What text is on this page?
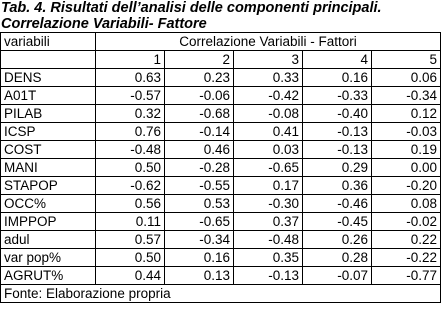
Tab. 4. Risultati dell’analisi delle componenti principali.
Correlazione Variabili- Fattore
variabili	Correlazione Variabili - Fattori				
	1	2	3	4	5
DENS	0.63	0.23	0.33	0.16	0.06
A01T	-0.57	-0.06	-0.42	-0.33	-0.34
PILAB	0.32	-0.68	-0.08	-0.40	0.12
ICSP	0.76	-0.14	0.41	-0.13	-0.03
COST	-0.48	0.46	0.03	-0.13	0.19
MANI	0.50	-0.28	-0.65	0.29	0.00
STAPOP	-0.62	-0.55	0.17	0.36	-0.20
OCC%	0.56	0.53	-0.30	-0.46	0.08
IMPPOP	0.11	-0.65	0.37	-0.45	-0.02
adul	0.57	-0.34	-0.48	0.26	0.22
var pop%	0.50	0.16	0.35	0.28	-0.22
AGRUT%	0.44	0.13	-0.13	-0.07	-0.77
Fonte: Elaborazione propria					
